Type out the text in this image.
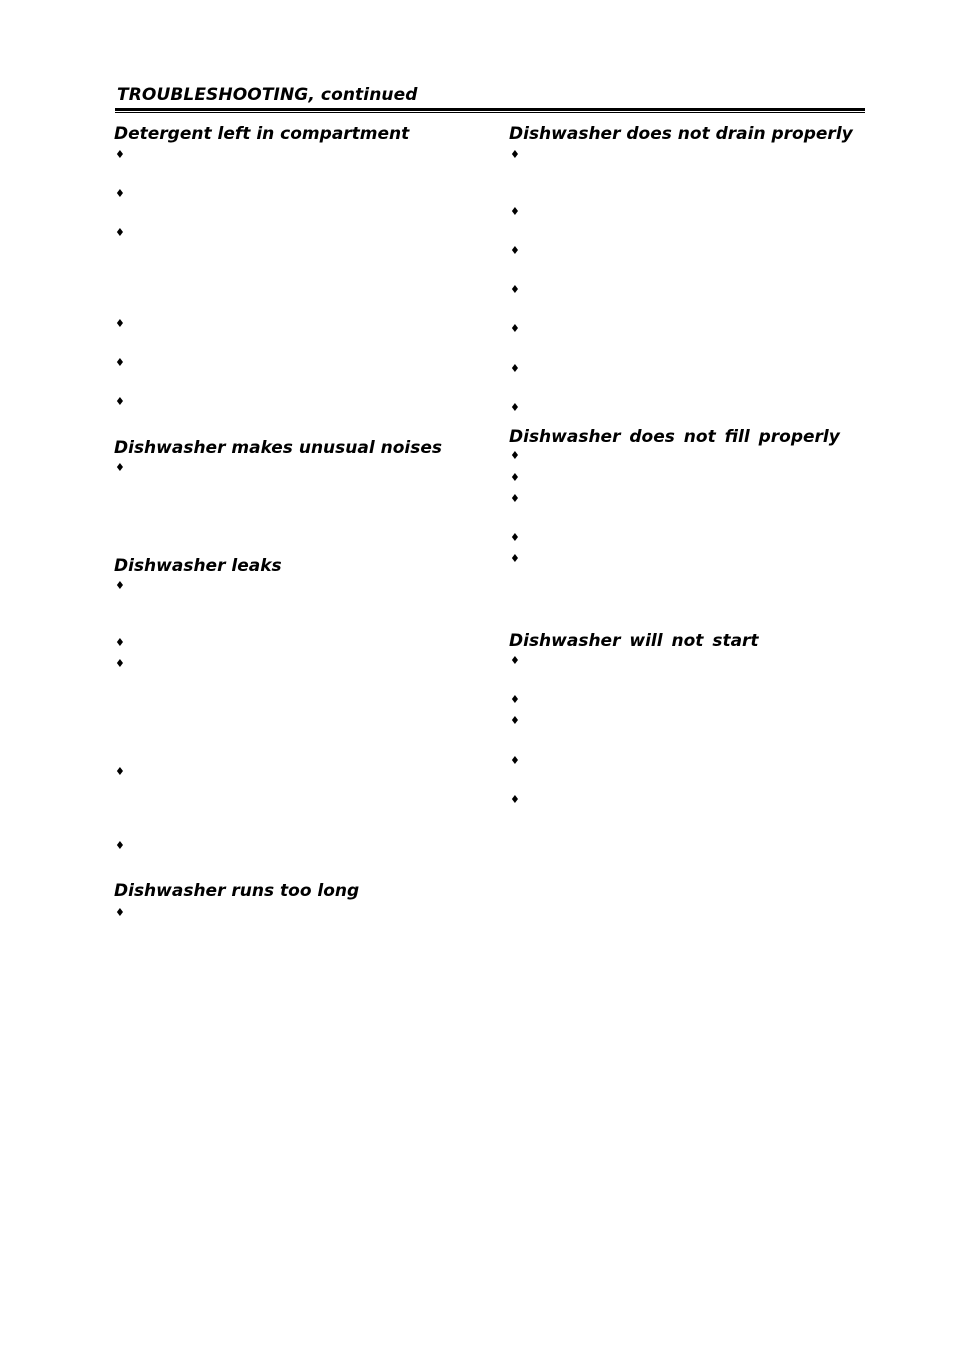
TROUBLESHOOTING, continued
Detergent left in compartment
♦
♦
♦
♦
♦
♦
Dishwasher makes unusual noises
♦
Dishwasher leaks
♦
♦
♦
♦
♦
Dishwasher runs too long
♦
Dishwasher does not drain properly
♦
♦
♦
♦
♦
♦
♦
Dishwasher does not fill properly
♦
♦
♦
♦
♦
Dishwasher will not start
♦
♦
♦
♦
♦
